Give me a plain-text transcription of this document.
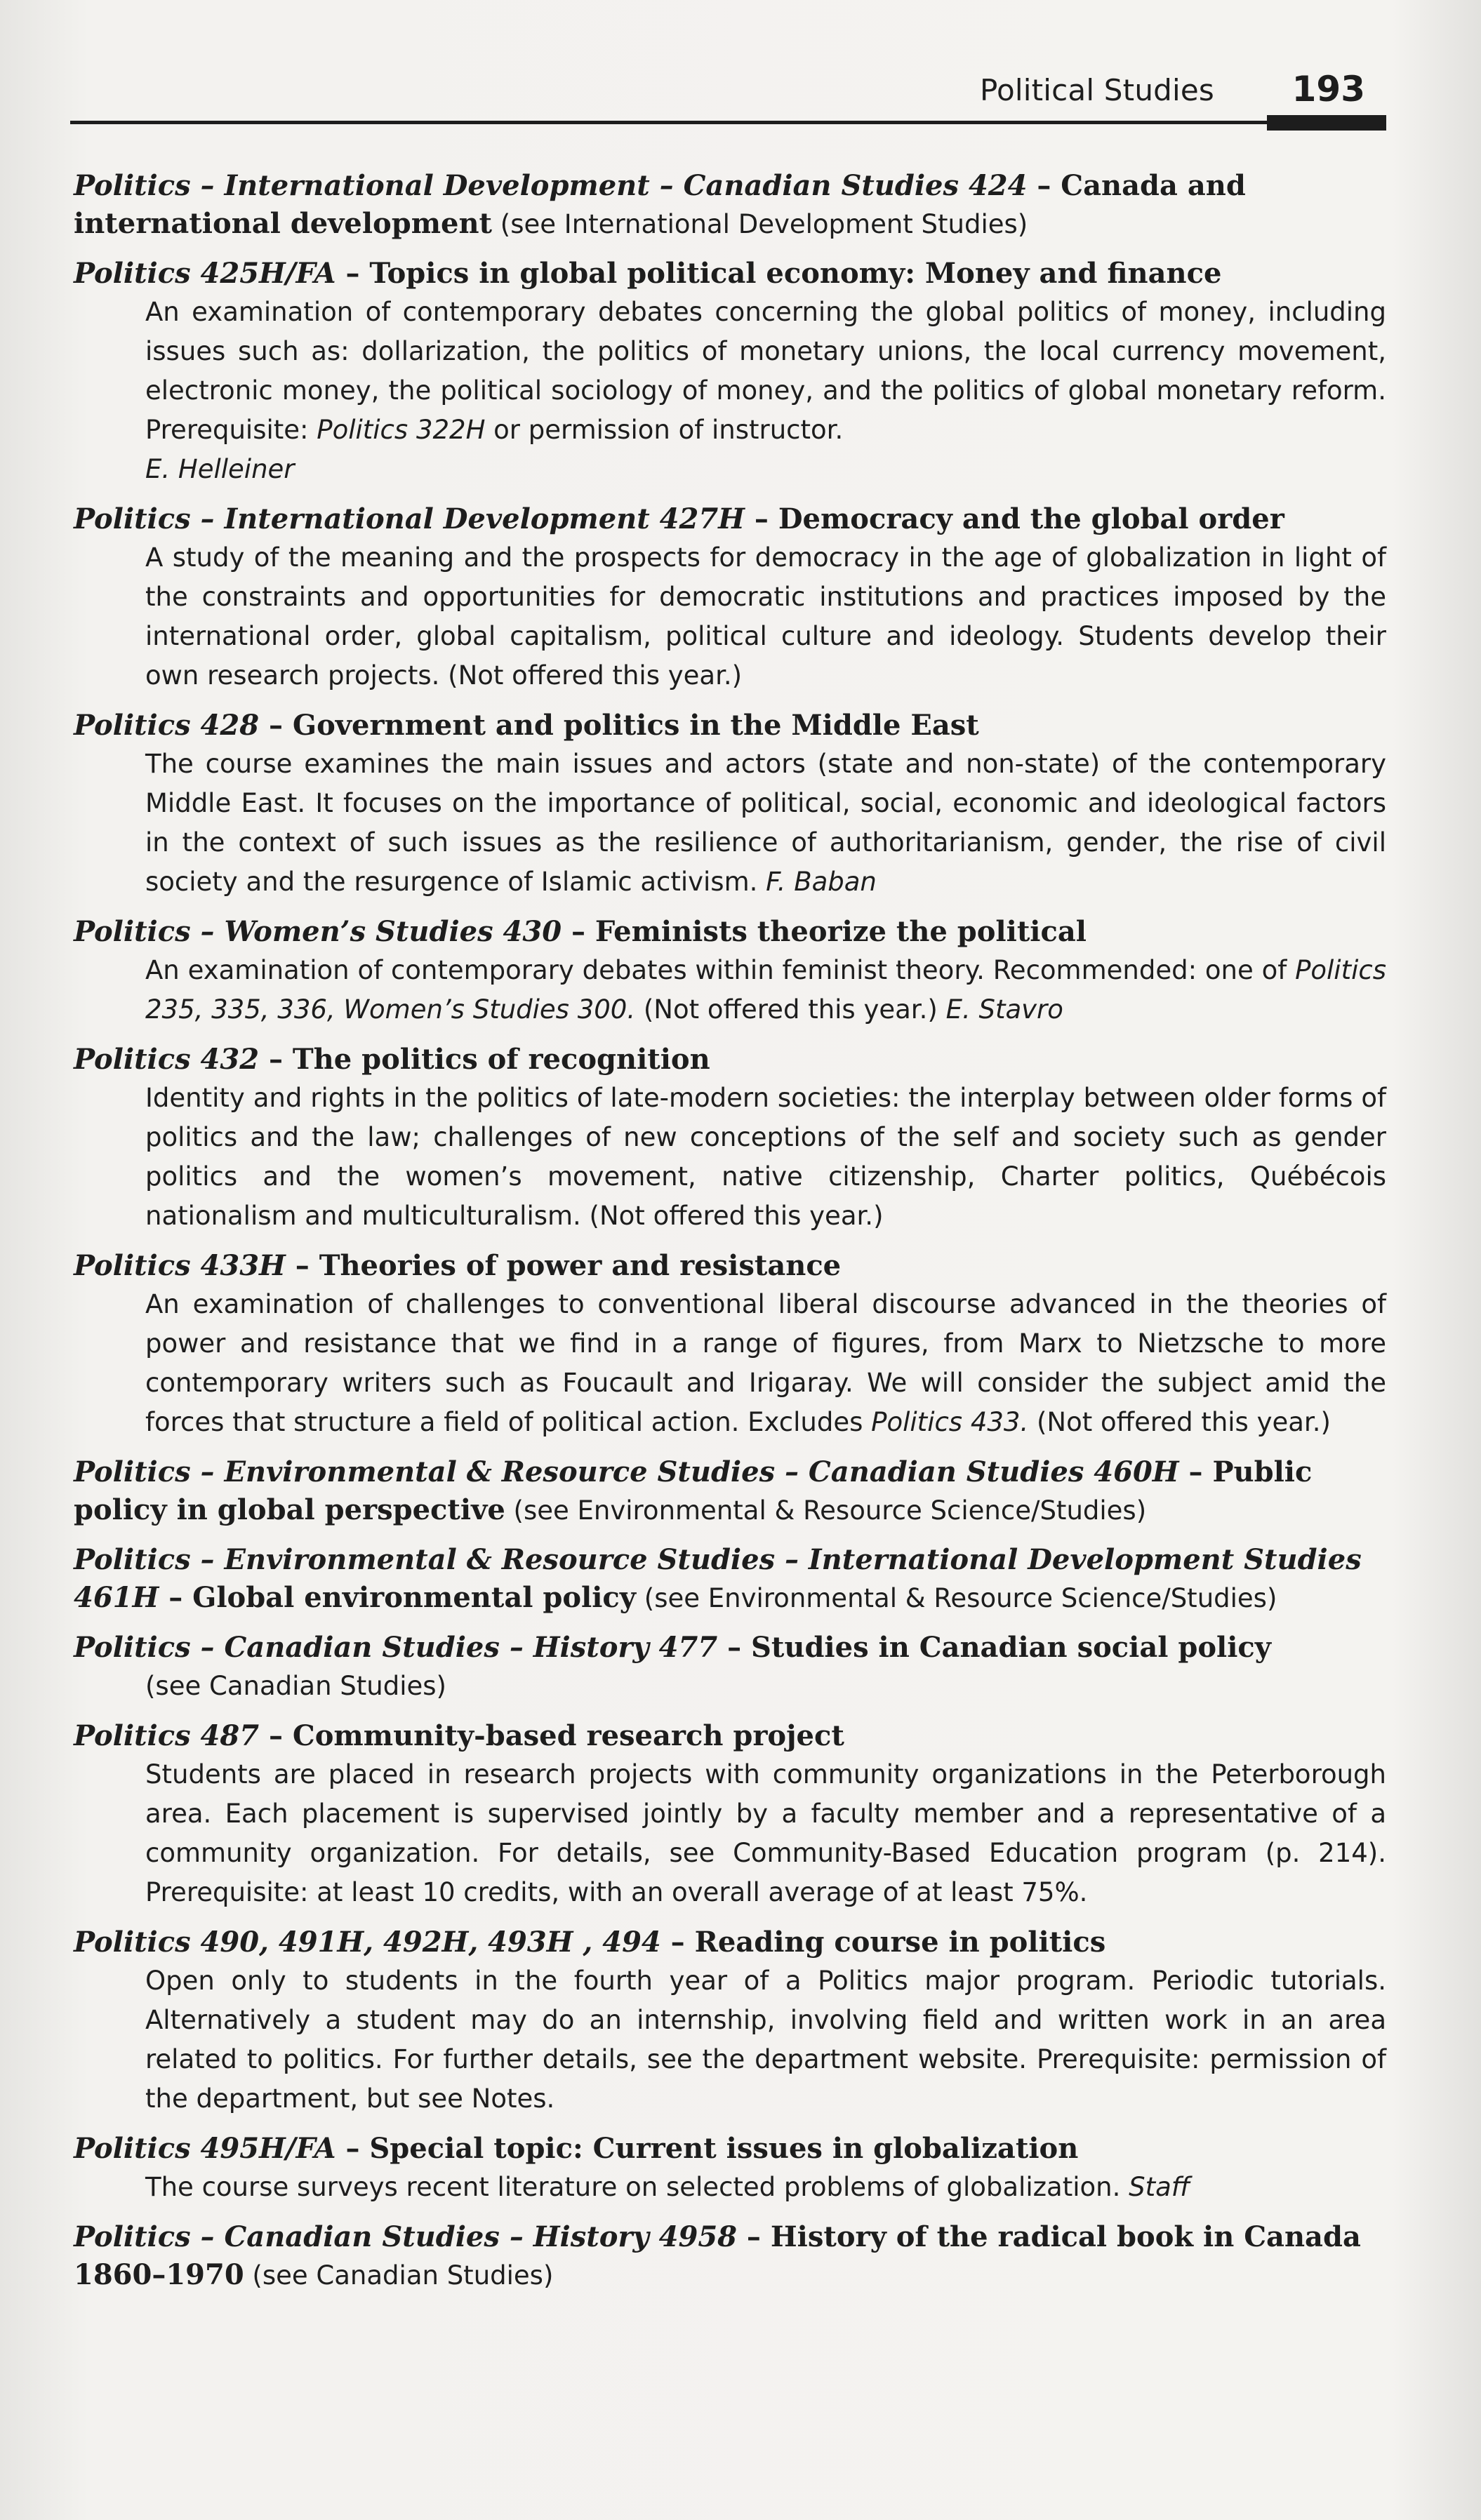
Political Studies 193
Politics – International Development – Canadian Studies 424 – Canada and international development (see International Development Studies)
Politics 425H/FA – Topics in global political economy: Money and finance
An examination of contemporary debates concerning the global politics of money, including issues such as: dollarization, the politics of monetary unions, the local currency movement, electronic money, the political sociology of money, and the politics of global monetary reform. Prerequisite: Politics 322H or permission of instructor.
E. Helleiner
Politics – International Development 427H – Democracy and the global order
A study of the meaning and the prospects for democracy in the age of globalization in light of the constraints and opportunities for democratic institutions and practices imposed by the international order, global capitalism, political culture and ideology. Students develop their own research projects. (Not offered this year.)
Politics 428 – Government and politics in the Middle East
The course examines the main issues and actors (state and non-state) of the contemporary Middle East. It focuses on the importance of political, social, economic and ideological factors in the context of such issues as the resilience of authoritarianism, gender, the rise of civil society and the resurgence of Islamic activism. F. Baban
Politics – Women’s Studies 430 – Feminists theorize the political
An examination of contemporary debates within feminist theory. Recommended: one of Politics 235, 335, 336, Women’s Studies 300. (Not offered this year.) E. Stavro
Politics 432 – The politics of recognition
Identity and rights in the politics of late-modern societies: the interplay between older forms of politics and the law; challenges of new conceptions of the self and society such as gender politics and the women’s movement, native citizenship, Charter politics, Québécois nationalism and multiculturalism. (Not offered this year.)
Politics 433H – Theories of power and resistance
An examination of challenges to conventional liberal discourse advanced in the theories of power and resistance that we find in a range of figures, from Marx to Nietzsche to more contemporary writers such as Foucault and Irigaray. We will consider the subject amid the forces that structure a field of political action. Excludes Politics 433. (Not offered this year.)
Politics – Environmental & Resource Studies – Canadian Studies 460H – Public policy in global perspective (see Environmental & Resource Science/Studies)
Politics – Environmental & Resource Studies – International Development Studies 461H – Global environmental policy (see Environmental & Resource Science/Studies)
Politics – Canadian Studies – History 477 – Studies in Canadian social policy
(see Canadian Studies)
Politics 487 – Community-based research project
Students are placed in research projects with community organizations in the Peterborough area. Each placement is supervised jointly by a faculty member and a representative of a community organization. For details, see Community-Based Education program (p. 214). Prerequisite: at least 10 credits, with an overall average of at least 75%.
Politics 490, 491H, 492H, 493H , 494 – Reading course in politics
Open only to students in the fourth year of a Politics major program. Periodic tutorials. Alternatively a student may do an internship, involving field and written work in an area related to politics. For further details, see the department website. Prerequisite: permission of the department, but see Notes.
Politics 495H/FA – Special topic: Current issues in globalization
The course surveys recent literature on selected problems of globalization. Staff
Politics – Canadian Studies – History 4958 – History of the radical book in Canada 1860–1970 (see Canadian Studies)
